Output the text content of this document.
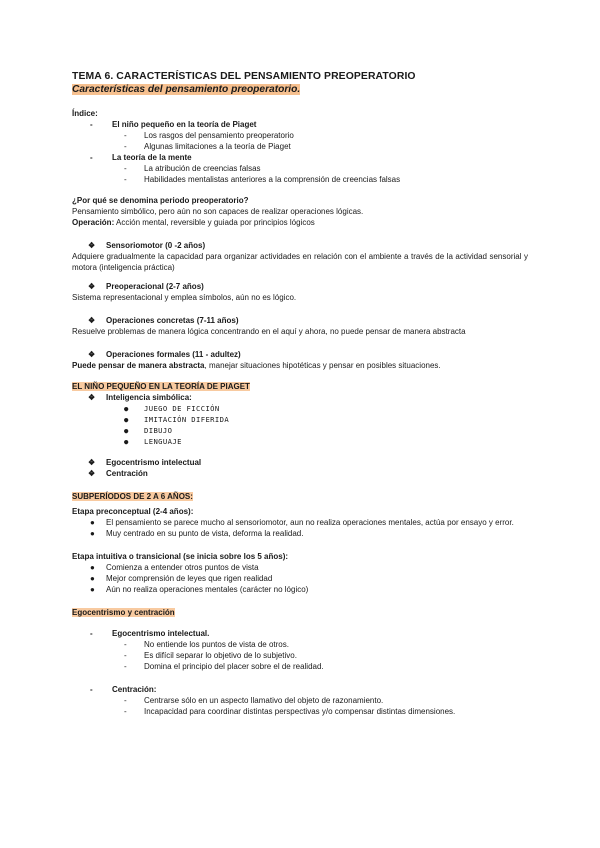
TEMA 6. CARACTERÍSTICAS DEL PENSAMIENTO PREOPERATORIO
Características del pensamiento preoperatorio.
Índice:
- El niño pequeño en la teoría de Piaget
- Los rasgos del pensamiento preoperatorio
- Algunas limitaciones a la teoría de Piaget
- La teoría de la mente
- La atribución de creencias falsas
- Habilidades mentalistas anteriores a la comprensión de creencias falsas
¿Por qué se denomina periodo preoperatorio?
Pensamiento simbólico, pero aún no son capaces de realizar operaciones lógicas.
Operación: Acción mental, reversible y guiada por principios lógicos
❖ Sensoriomotor (0 -2 años)
Adquiere gradualmente la capacidad para organizar actividades en relación con el ambiente a través de la actividad sensorial y motora (inteligencia práctica)
❖ Preoperacional (2-7 años)
Sistema representacional y emplea símbolos, aún no es lógico.
❖ Operaciones concretas (7-11 años)
Resuelve problemas de manera lógica concentrando en el aquí y ahora, no puede pensar de manera abstracta
❖ Operaciones formales (11 - adultez)
Puede pensar de manera abstracta, manejar situaciones hipotéticas y pensar en posibles situaciones.
EL NIÑO PEQUEÑO EN LA TEORÍA DE PIAGET
❖ Inteligencia simbólica:
● JUEGO DE FICCIÓN
● IMITACIÓN DIFERIDA
● DIBUJO
● LENGUAJE
❖ Egocentrismo intelectual
❖ Centración
SUBPERÍODOS DE 2 A 6 AÑOS:
Etapa preconceptual (2-4 años):
● El pensamiento se parece mucho al sensoriomotor, aun no realiza operaciones mentales, actúa por ensayo y error.
● Muy centrado en su punto de vista, deforma la realidad.
Etapa intuitiva o transicional (se inicia sobre los 5 años):
● Comienza a entender otros puntos de vista
● Mejor comprensión de leyes que rigen realidad
● Aún no realiza operaciones mentales (carácter no lógico)
Egocentrismo y centración
- Egocentrismo intelectual.
- No entiende los puntos de vista de otros.
- Es difícil separar lo objetivo de lo subjetivo.
- Domina el principio del placer sobre el de realidad.
- Centración:
- Centrarse sólo en un aspecto llamativo del objeto de razonamiento.
- Incapacidad para coordinar distintas perspectivas y/o compensar distintas dimensiones.
